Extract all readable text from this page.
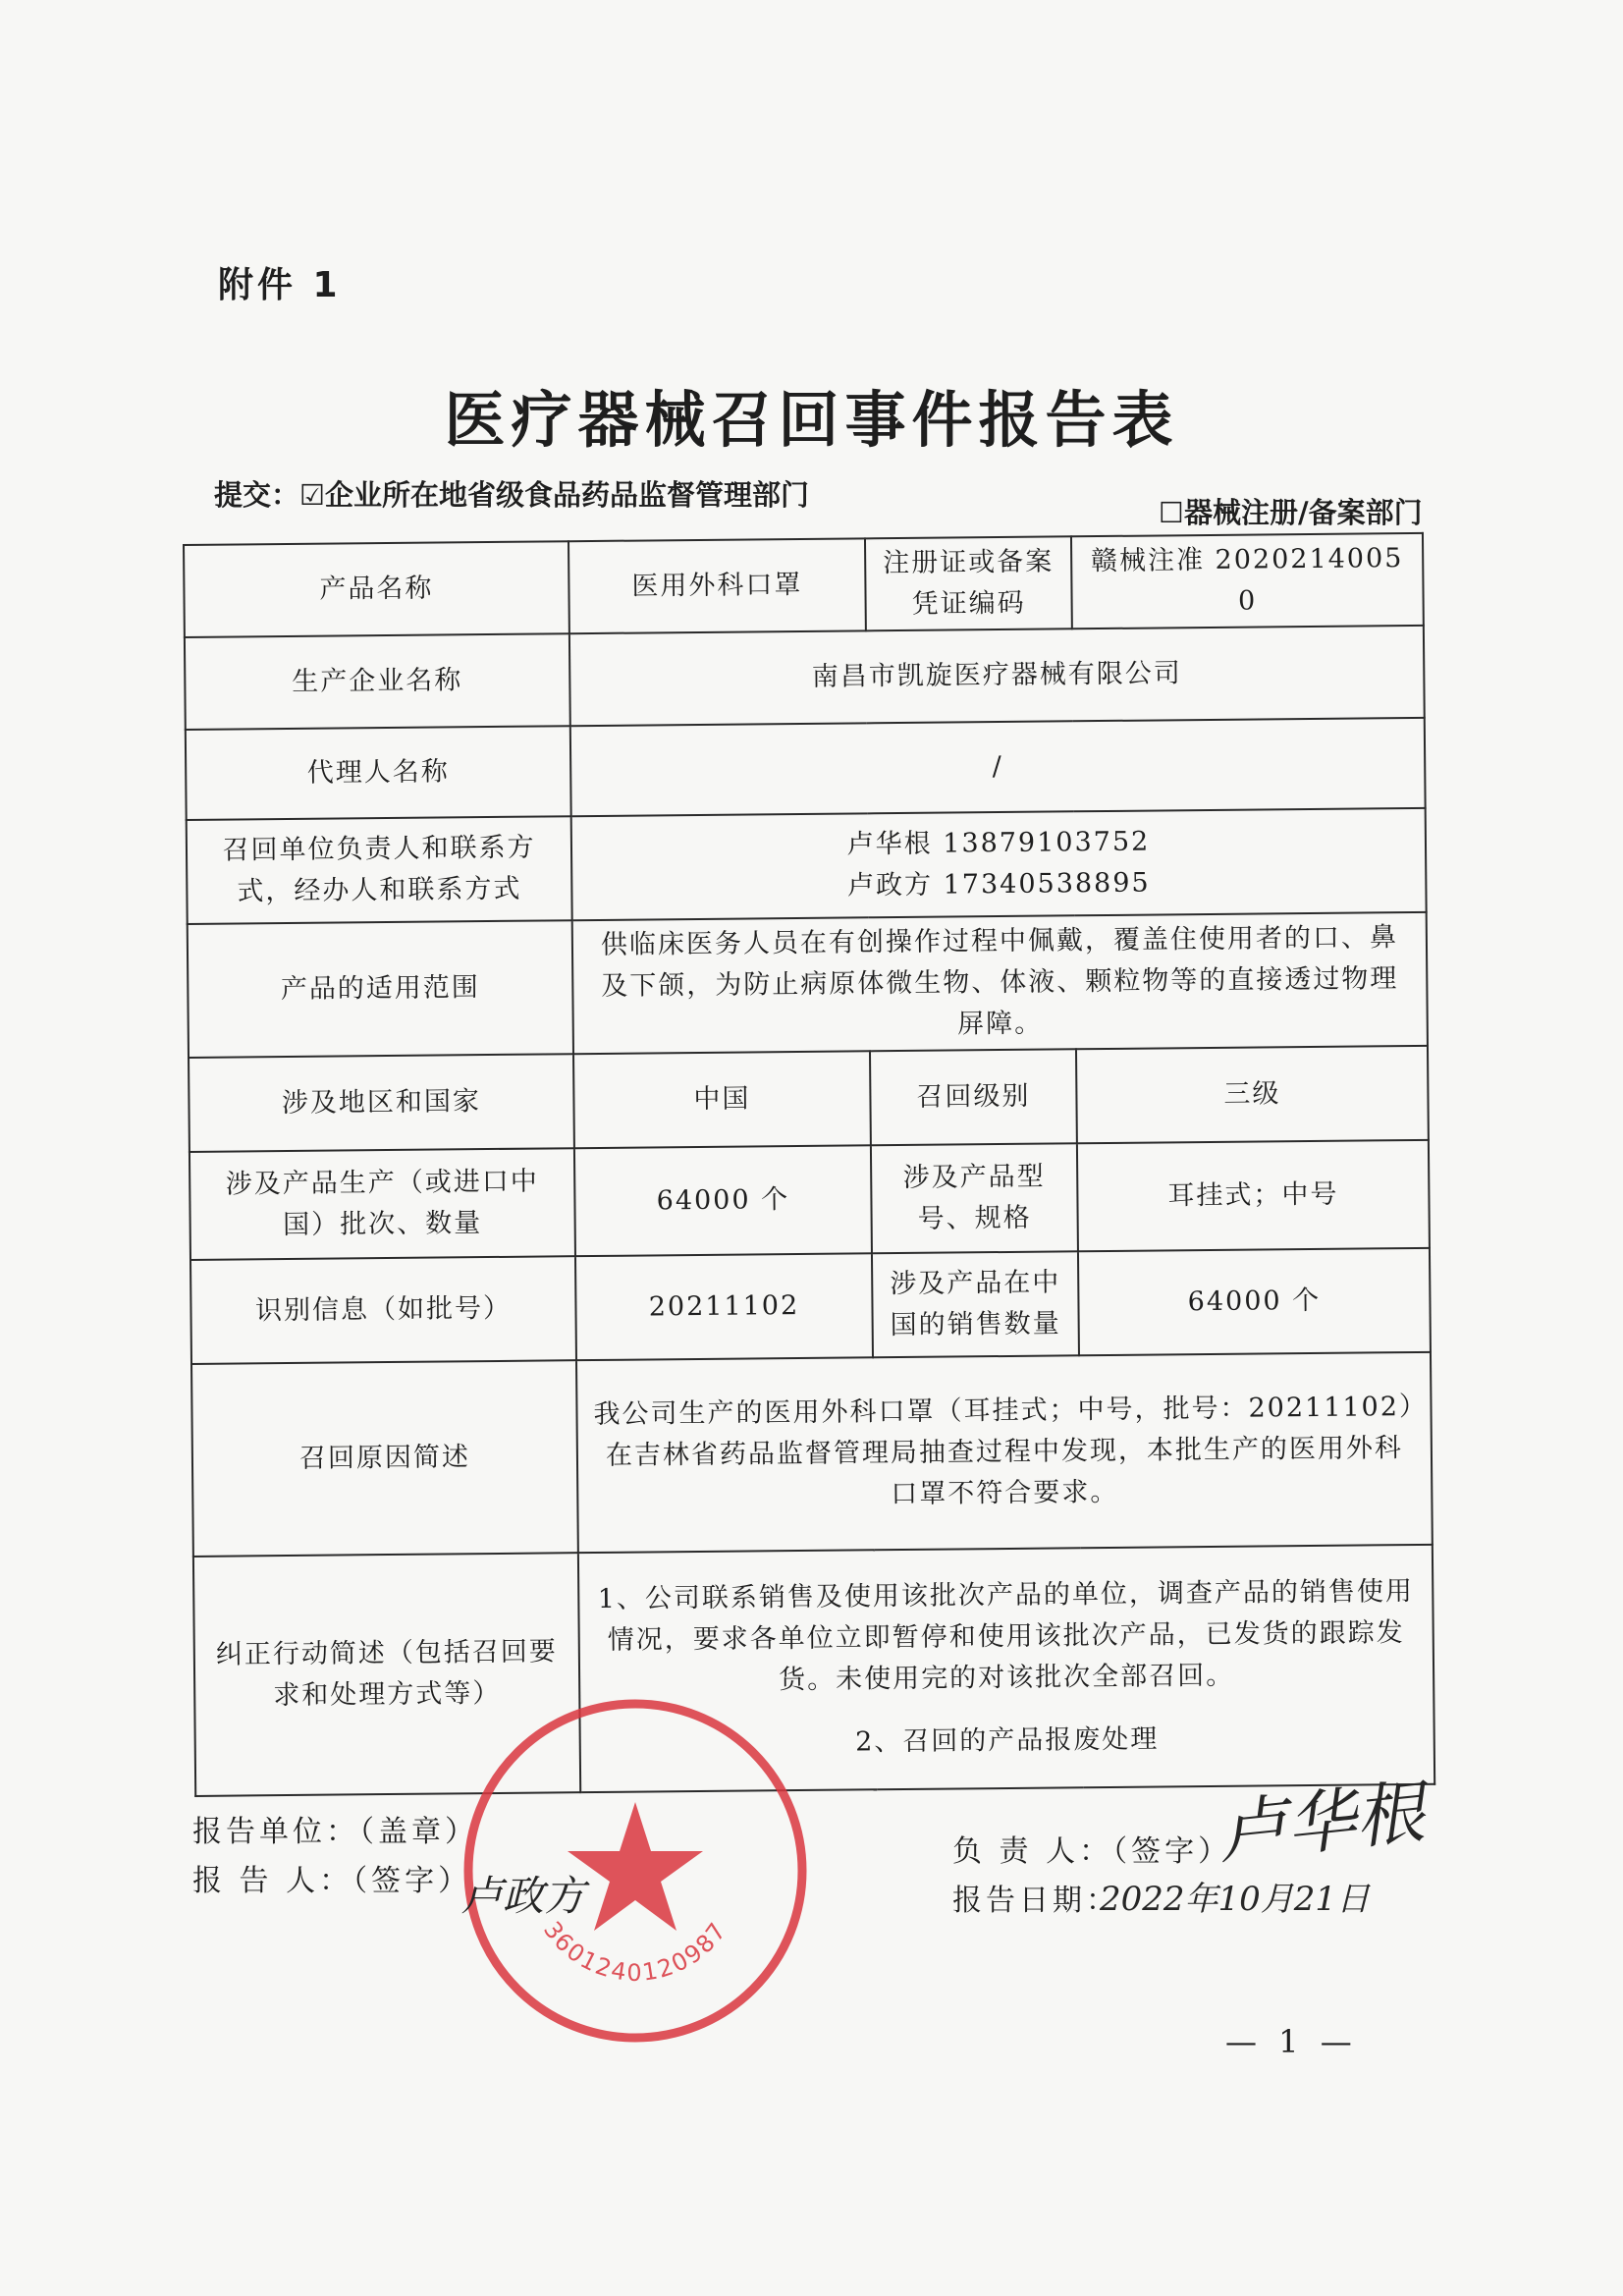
附件 1
医疗器械召回事件报告表
提交：☑企业所在地省级食品药品监督管理部门
☐器械注册/备案部门
产品名称	医用外科口罩	注册证或备案凭证编码	赣械注准 20202140050
生产企业名称	南昌市凯旋医疗器械有限公司		
代理人名称	/		
召回单位负责人和联系方式，经办人和联系方式	卢华根 13879103752
卢政方 17340538895		

产品的适用范围	供临床医务人员在有创操作过程中佩戴，覆盖住使用者的口、鼻及下颌，为防止病原体微生物、体液、颗粒物等的直接透过物理屏障。		
涉及地区和国家	中国	召回级别	三级
涉及产品生产（或进口中国）批次、数量	64000 个	涉及产品型号、规格	耳挂式；中号
识别信息（如批号）	20211102	涉及产品在中国的销售数量	64000 个
召回原因简述	我公司生产的医用外科口罩（耳挂式；中号，批号：20211102）在吉林省药品监督管理局抽查过程中发现，本批生产的医用外科口罩不符合要求。		
纠正行动简述（包括召回要求和处理方式等）	1、公司联系销售及使用该批次产品的单位，调查产品的销售使用情况，要求各单位立即暂停和使用该批次产品，已发货的跟踪发货。未使用完的对该批次全部召回。
2、召回的产品报废处理		
3601240120987
报告单位：（盖章）
报 告 人：（签字）
卢政方
负 责 人：（签字）
卢华根
报告日期：
2022年10月21日
— 1 —
